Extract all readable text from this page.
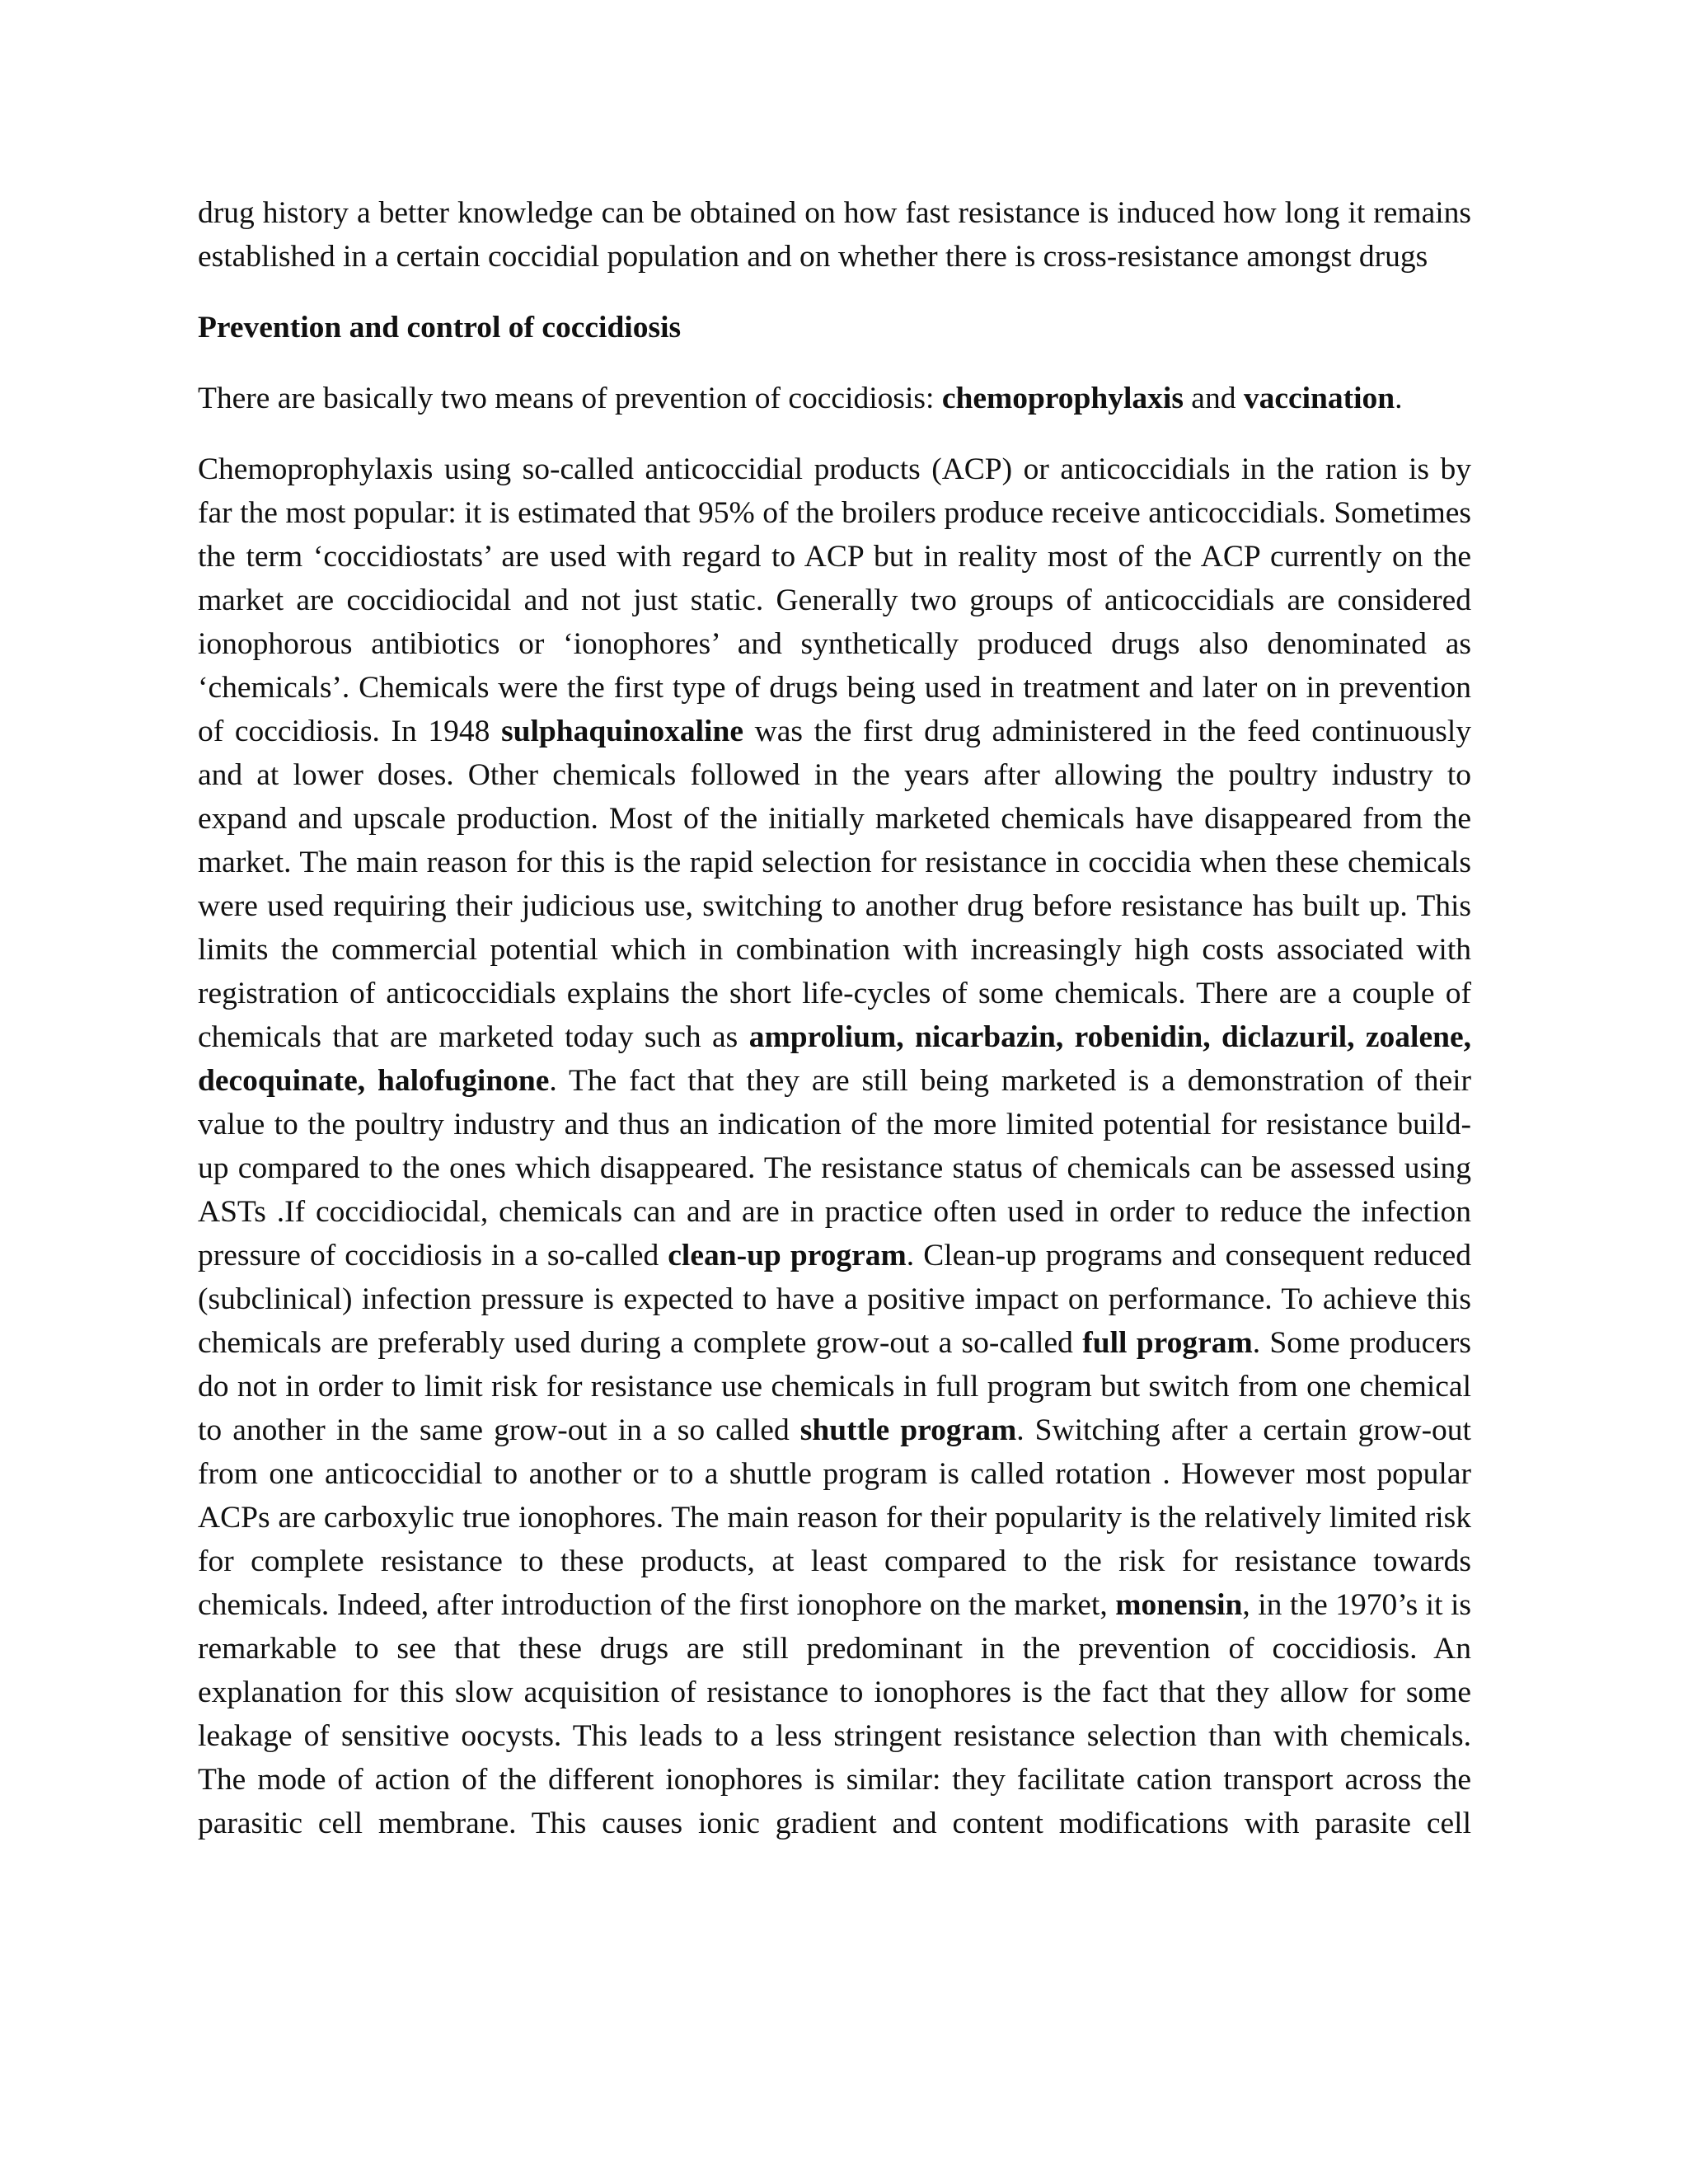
drug history a better knowledge can be obtained on how fast resistance is induced how long it remains established in a certain coccidial population and on whether there is cross-resistance amongst drugs

Prevention and control of coccidiosis

There are basically two means of prevention of coccidiosis: chemoprophylaxis and vaccination.

Chemoprophylaxis using so-called anticoccidial products (ACP) or anticoccidials in the ration is by far the most popular: it is estimated that 95% of the broilers produce receive anticoccidials. Sometimes the term ‘coccidiostats’ are used with regard to ACP but in reality most of the ACP currently on the market are coccidiocidal and not just static. Generally two groups of anticoccidials are considered ionophorous antibiotics or ‘ionophores’ and synthetically produced drugs also denominated as ‘chemicals’. Chemicals were the first type of drugs being used in treatment and later on in prevention of coccidiosis. In 1948 sulphaquinoxaline was the first drug administered in the feed continuously and at lower doses. Other chemicals followed in the years after allowing the poultry industry to expand and upscale production. Most of the initially marketed chemicals have disappeared from the market. The main reason for this is the rapid selection for resistance in coccidia when these chemicals were used requiring their judicious use, switching to another drug before resistance has built up. This limits the commercial potential which in combination with increasingly high costs associated with registration of anticoccidials explains the short life-cycles of some chemicals. There are a couple of chemicals that are marketed today such as amprolium, nicarbazin, robenidin, diclazuril, zoalene, decoquinate, halofuginone. The fact that they are still being marketed is a demonstration of their value to the poultry industry and thus an indication of the more limited potential for resistance build-up compared to the ones which disappeared. The resistance status of chemicals can be assessed using ASTs .If coccidiocidal, chemicals can and are in practice often used in order to reduce the infection pressure of coccidiosis in a so-called clean-up program. Clean-up programs and consequent reduced (subclinical) infection pressure is expected to have a positive impact on performance. To achieve this chemicals are preferably used during a complete grow-out a so-called full program. Some producers do not in order to limit risk for resistance use chemicals in full program but switch from one chemical to another in the same grow-out in a so called shuttle program. Switching after a certain grow-out from one anticoccidial to another or to a shuttle program is called rotation . However most popular ACPs are carboxylic true ionophores. The main reason for their popularity is the relatively limited risk for complete resistance to these products, at least compared to the risk for resistance towards chemicals. Indeed, after introduction of the first ionophore on the market, monensin, in the 1970’s it is remarkable to see that these drugs are still predominant in the prevention of coccidiosis. An explanation for this slow acquisition of resistance to ionophores is the fact that they allow for some leakage of sensitive oocysts. This leads to a less stringent resistance selection than with chemicals. The mode of action of the different ionophores is similar: they facilitate cation transport across the parasitic cell membrane. This causes ionic gradient and content modifications with parasite cell
